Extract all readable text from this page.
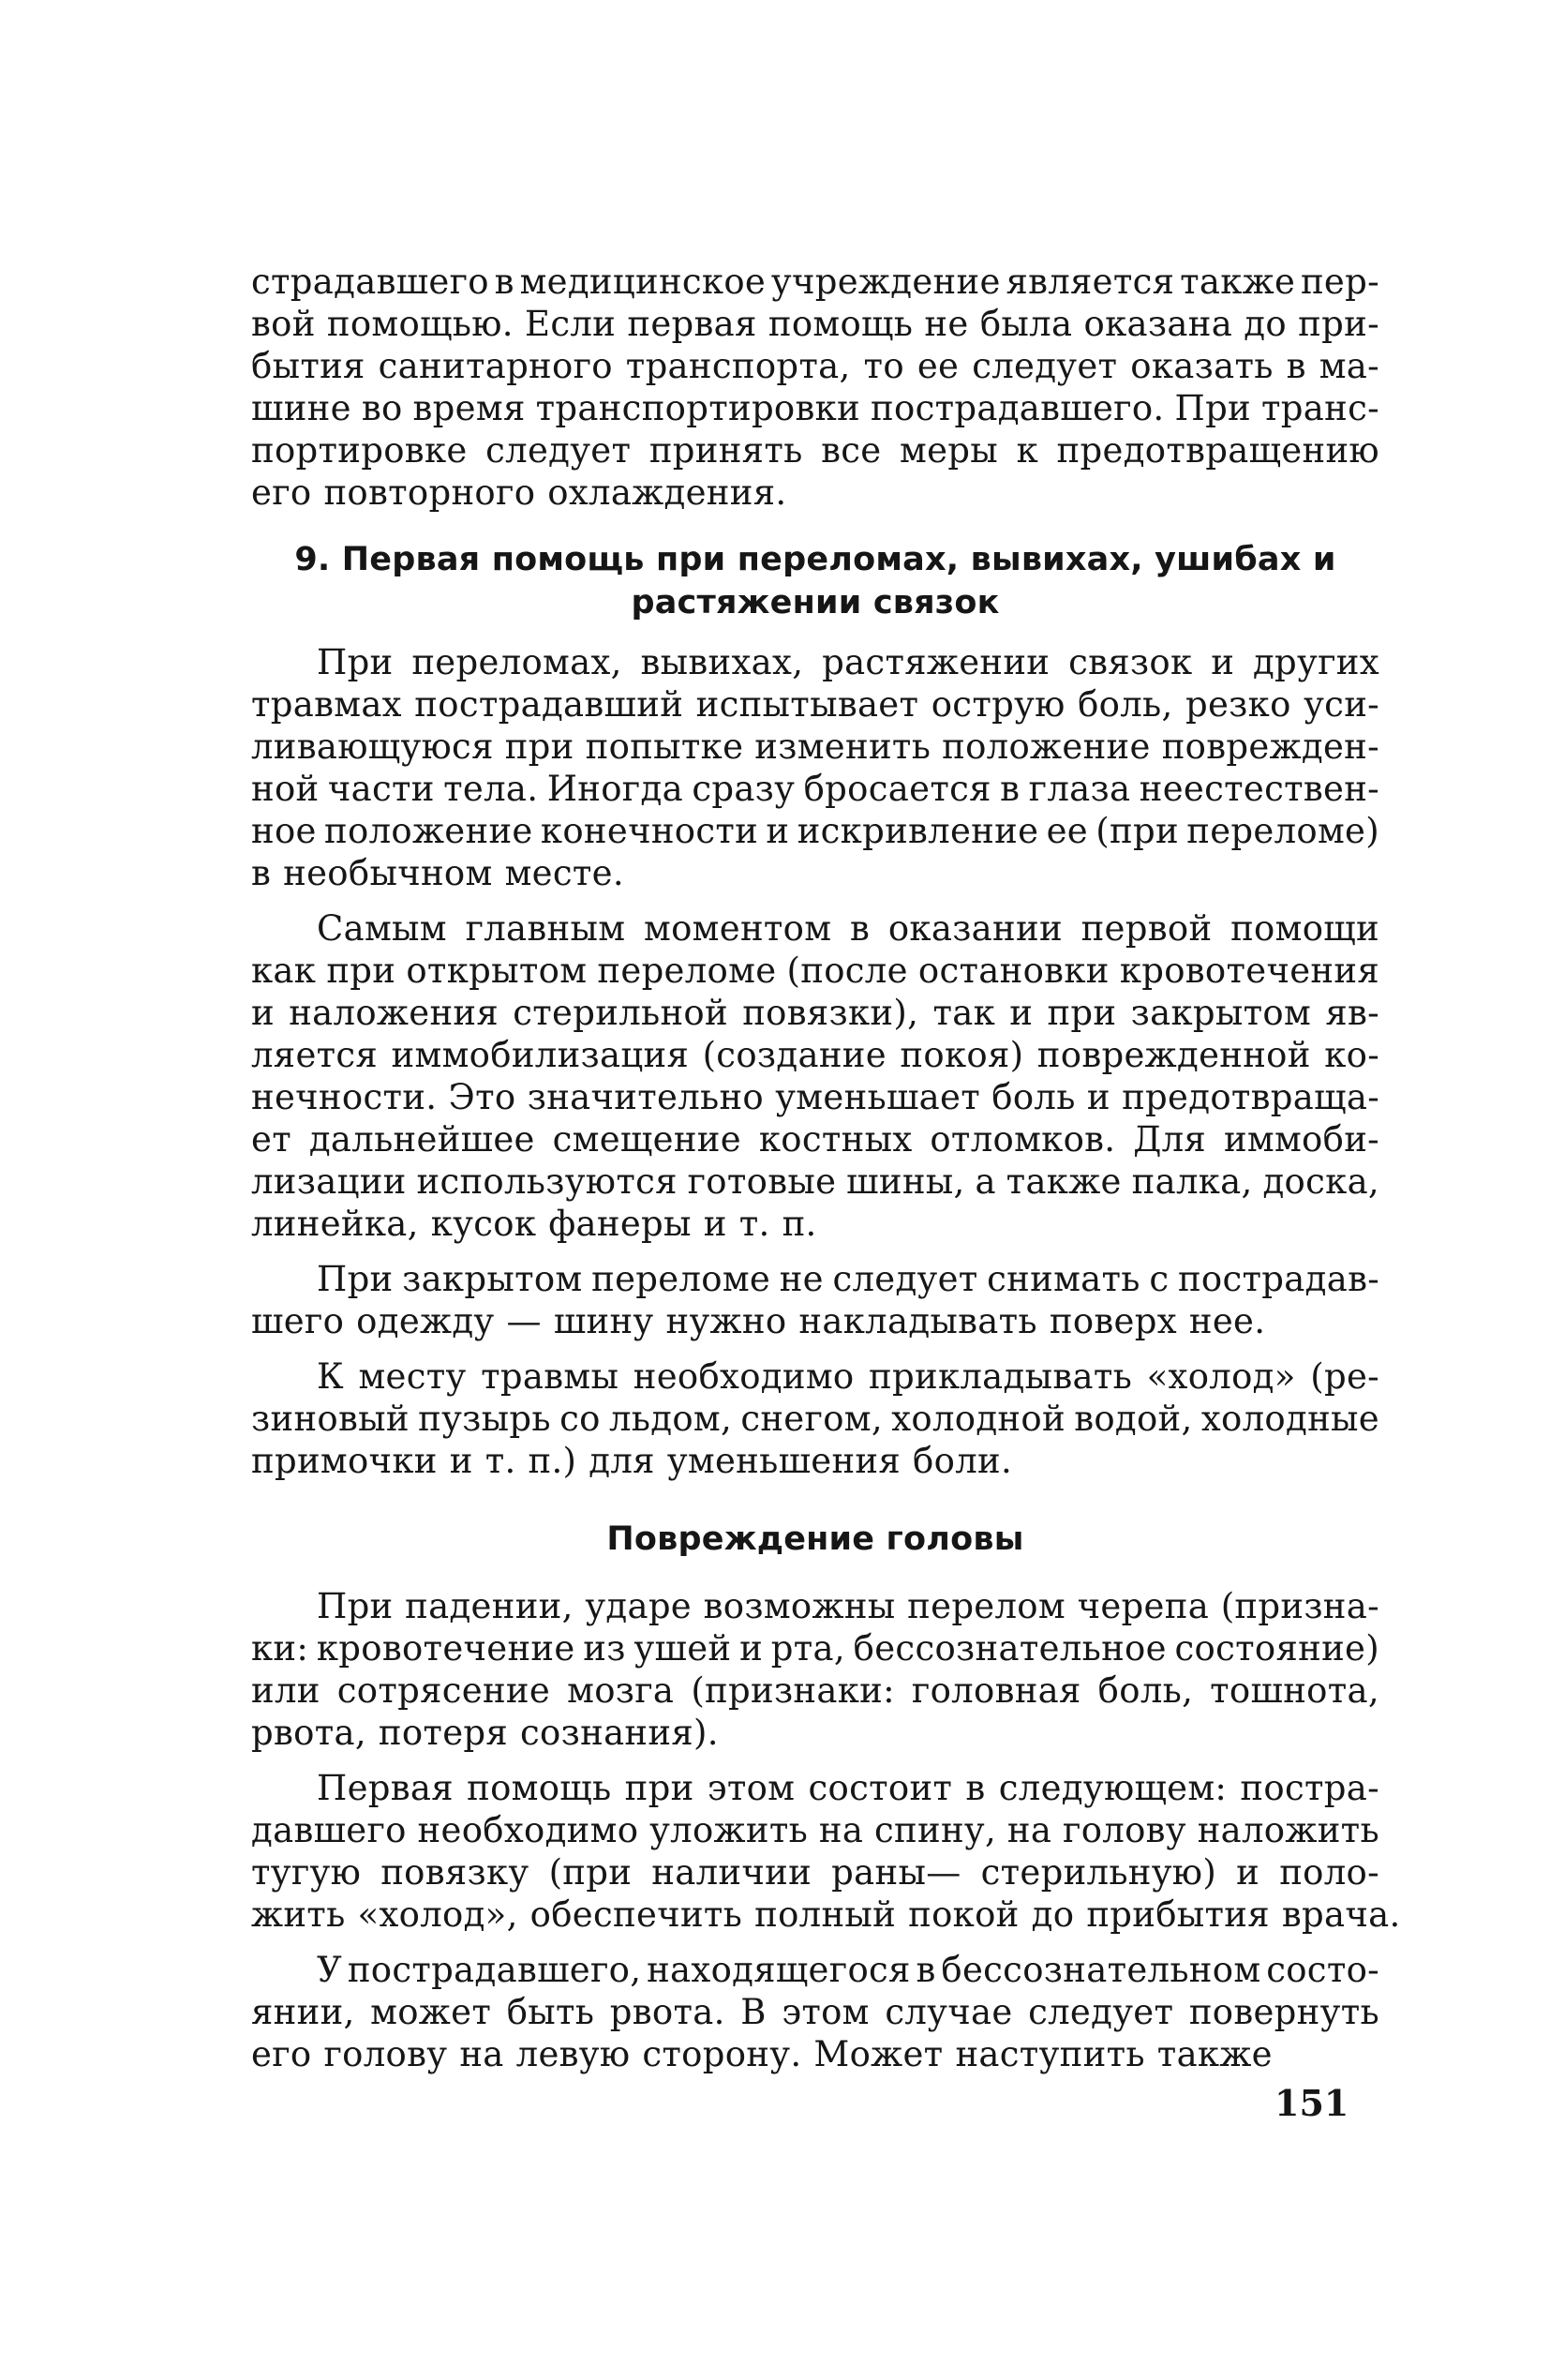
страдавшего в медицинское учреждение является также пер-
вой помощью. Если первая помощь не была оказана до при-
бытия санитарного транспорта, то ее следует оказать в ма-
шине во время транспортировки пострадавшего. При транс-
портировке следует принять все меры к предотвращению
его повторного охлаждения.
9. Первая помощь при переломах, вывихах, ушибах и
растяжении связок
При переломах, вывихах, растяжении связок и других
травмах пострадавший испытывает острую боль, резко уси-
ливающуюся при попытке изменить положение поврежден-
ной части тела. Иногда сразу бросается в глаза неестествен-
ное положение конечности и искривление ее (при переломе)
в необычном месте.
Самым главным моментом в оказании первой помощи
как при открытом переломе (после остановки кровотечения
и наложения стерильной повязки), так и при закрытом яв-
ляется иммобилизация (создание покоя) поврежденной ко-
нечности. Это значительно уменьшает боль и предотвраща-
ет дальнейшее смещение костных отломков. Для иммоби-
лизации используются готовые шины, а также палка, доска,
линейка, кусок фанеры и т. п.
При закрытом переломе не следует снимать с пострадав-
шего одежду — шину нужно накладывать поверх нее.
К месту травмы необходимо прикладывать «холод» (ре-
зиновый пузырь со льдом, снегом, холодной водой, холодные
примочки и т. п.) для уменьшения боли.
Повреждение головы
При падении, ударе возможны перелом черепа (призна-
ки: кровотечение из ушей и рта, бессознательное состояние)
или сотрясение мозга (признаки: головная боль, тошнота,
рвота, потеря сознания).
Первая помощь при этом состоит в следующем: постра-
давшего необходимо уложить на спину, на голову наложить
тугую повязку (при наличии раны— стерильную) и поло-
жить «холод», обеспечить полный покой до прибытия врача.
У пострадавшего, находящегося в бессознательном состо-
янии, может быть рвота. В этом случае следует повернуть
его голову на левую сторону. Может наступить также
151
